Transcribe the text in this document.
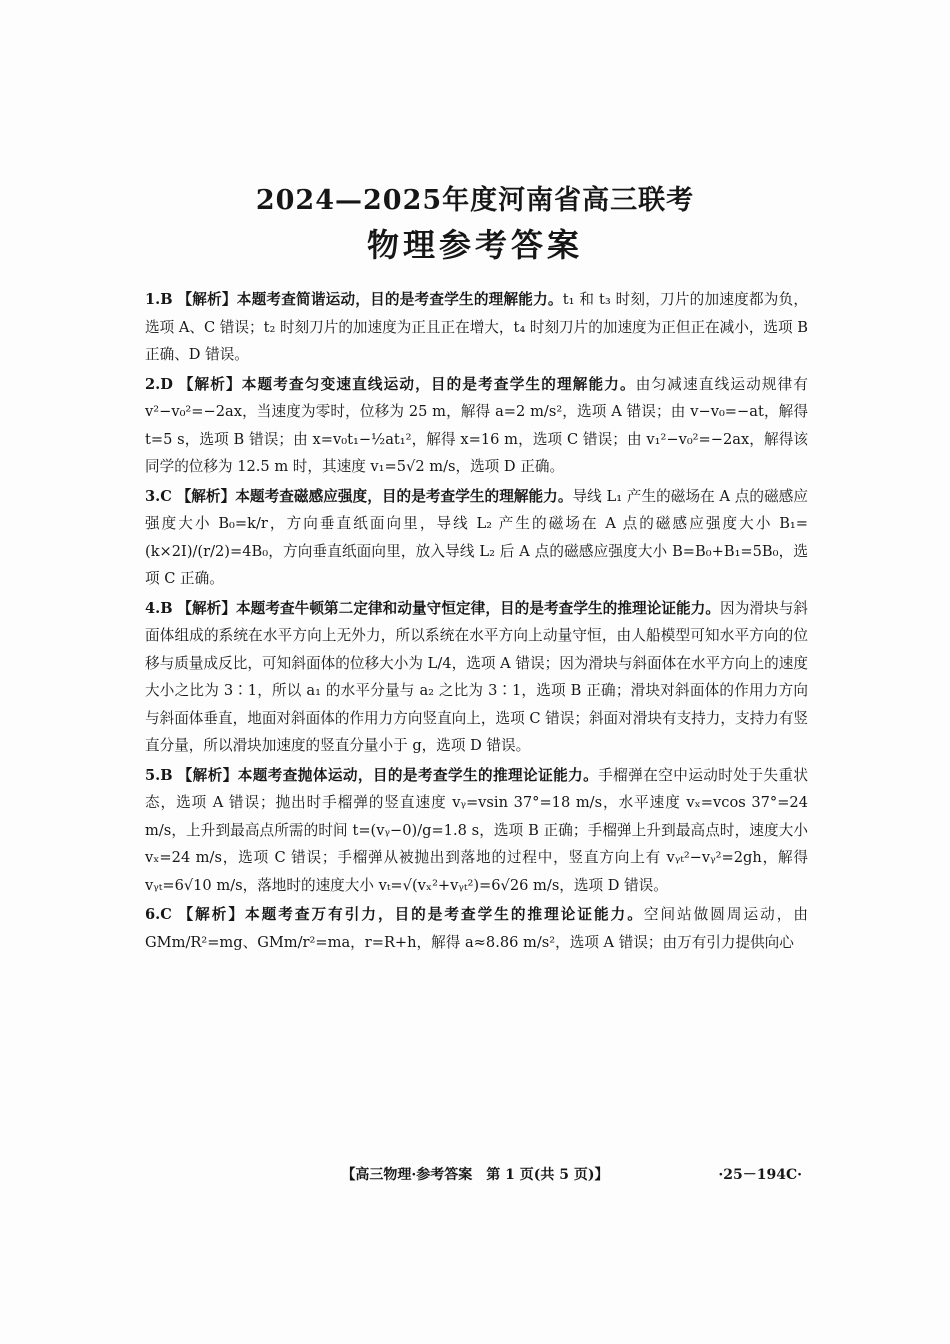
2024—2025年度河南省高三联考
物理参考答案

1.B 【解析】本题考查简谐运动，目的是考查学生的理解能力。t₁ 和 t₃ 时刻，刀片的加速度都为负，选项 A、C 错误；t₂ 时刻刀片的加速度为正且正在增大，t₄ 时刻刀片的加速度为正但正在减小，选项 B 正确、D 错误。

2.D 【解析】本题考查匀变速直线运动，目的是考查学生的理解能力。由匀减速直线运动规律有 v²−v₀²=−2ax，当速度为零时，位移为 25 m，解得 a=2 m/s²，选项 A 错误；由 v−v₀=−at，解得 t=5 s，选项 B 错误；由 x=v₀t₁−½at₁²，解得 x=16 m，选项 C 错误；由 v₁²−v₀²=−2ax，解得该同学的位移为 12.5 m 时，其速度 v₁=5√2 m/s，选项 D 正确。

3.C 【解析】本题考查磁感应强度，目的是考查学生的理解能力。导线 L₁ 产生的磁场在 A 点的磁感应强度大小 B₀=k/r，方向垂直纸面向里，导线 L₂ 产生的磁场在 A 点的磁感应强度大小 B₁=(k×2I)/(r/2)=4B₀，方向垂直纸面向里，放入导线 L₂ 后 A 点的磁感应强度大小 B=B₀+B₁=5B₀，选项 C 正确。

4.B 【解析】本题考查牛顿第二定律和动量守恒定律，目的是考查学生的推理论证能力。因为滑块与斜面体组成的系统在水平方向上无外力，所以系统在水平方向上动量守恒，由人船模型可知水平方向的位移与质量成反比，可知斜面体的位移大小为 L/4，选项 A 错误；因为滑块与斜面体在水平方向上的速度大小之比为 3∶1，所以 a₁ 的水平分量与 a₂ 之比为 3∶1，选项 B 正确；滑块对斜面体的作用力方向与斜面体垂直，地面对斜面体的作用力方向竖直向上，选项 C 错误；斜面对滑块有支持力，支持力有竖直分量，所以滑块加速度的竖直分量小于 g，选项 D 错误。

5.B 【解析】本题考查抛体运动，目的是考查学生的推理论证能力。手榴弹在空中运动时处于失重状态，选项 A 错误；抛出时手榴弹的竖直速度 vᵧ=vsin 37°=18 m/s，水平速度 vₓ=vcos 37°=24 m/s，上升到最高点所需的时间 t=(vᵧ−0)/g=1.8 s，选项 B 正确；手榴弹上升到最高点时，速度大小 vₓ=24 m/s，选项 C 错误；手榴弹从被抛出到落地的过程中，竖直方向上有 vᵧₜ²−vᵧ²=2gh，解得 vᵧₜ=6√10 m/s，落地时的速度大小 vₜ=√(vₓ²+vᵧₜ²)=6√26 m/s，选项 D 错误。

6.C 【解析】本题考查万有引力，目的是考查学生的推理论证能力。空间站做圆周运动，由 GMm/R²=mg、GMm/r²=ma，r=R+h，解得 a≈8.86 m/s²，选项 A 错误；由万有引力提供向心

【高三物理·参考答案　第 1 页(共 5 页)】	·25－194C·
